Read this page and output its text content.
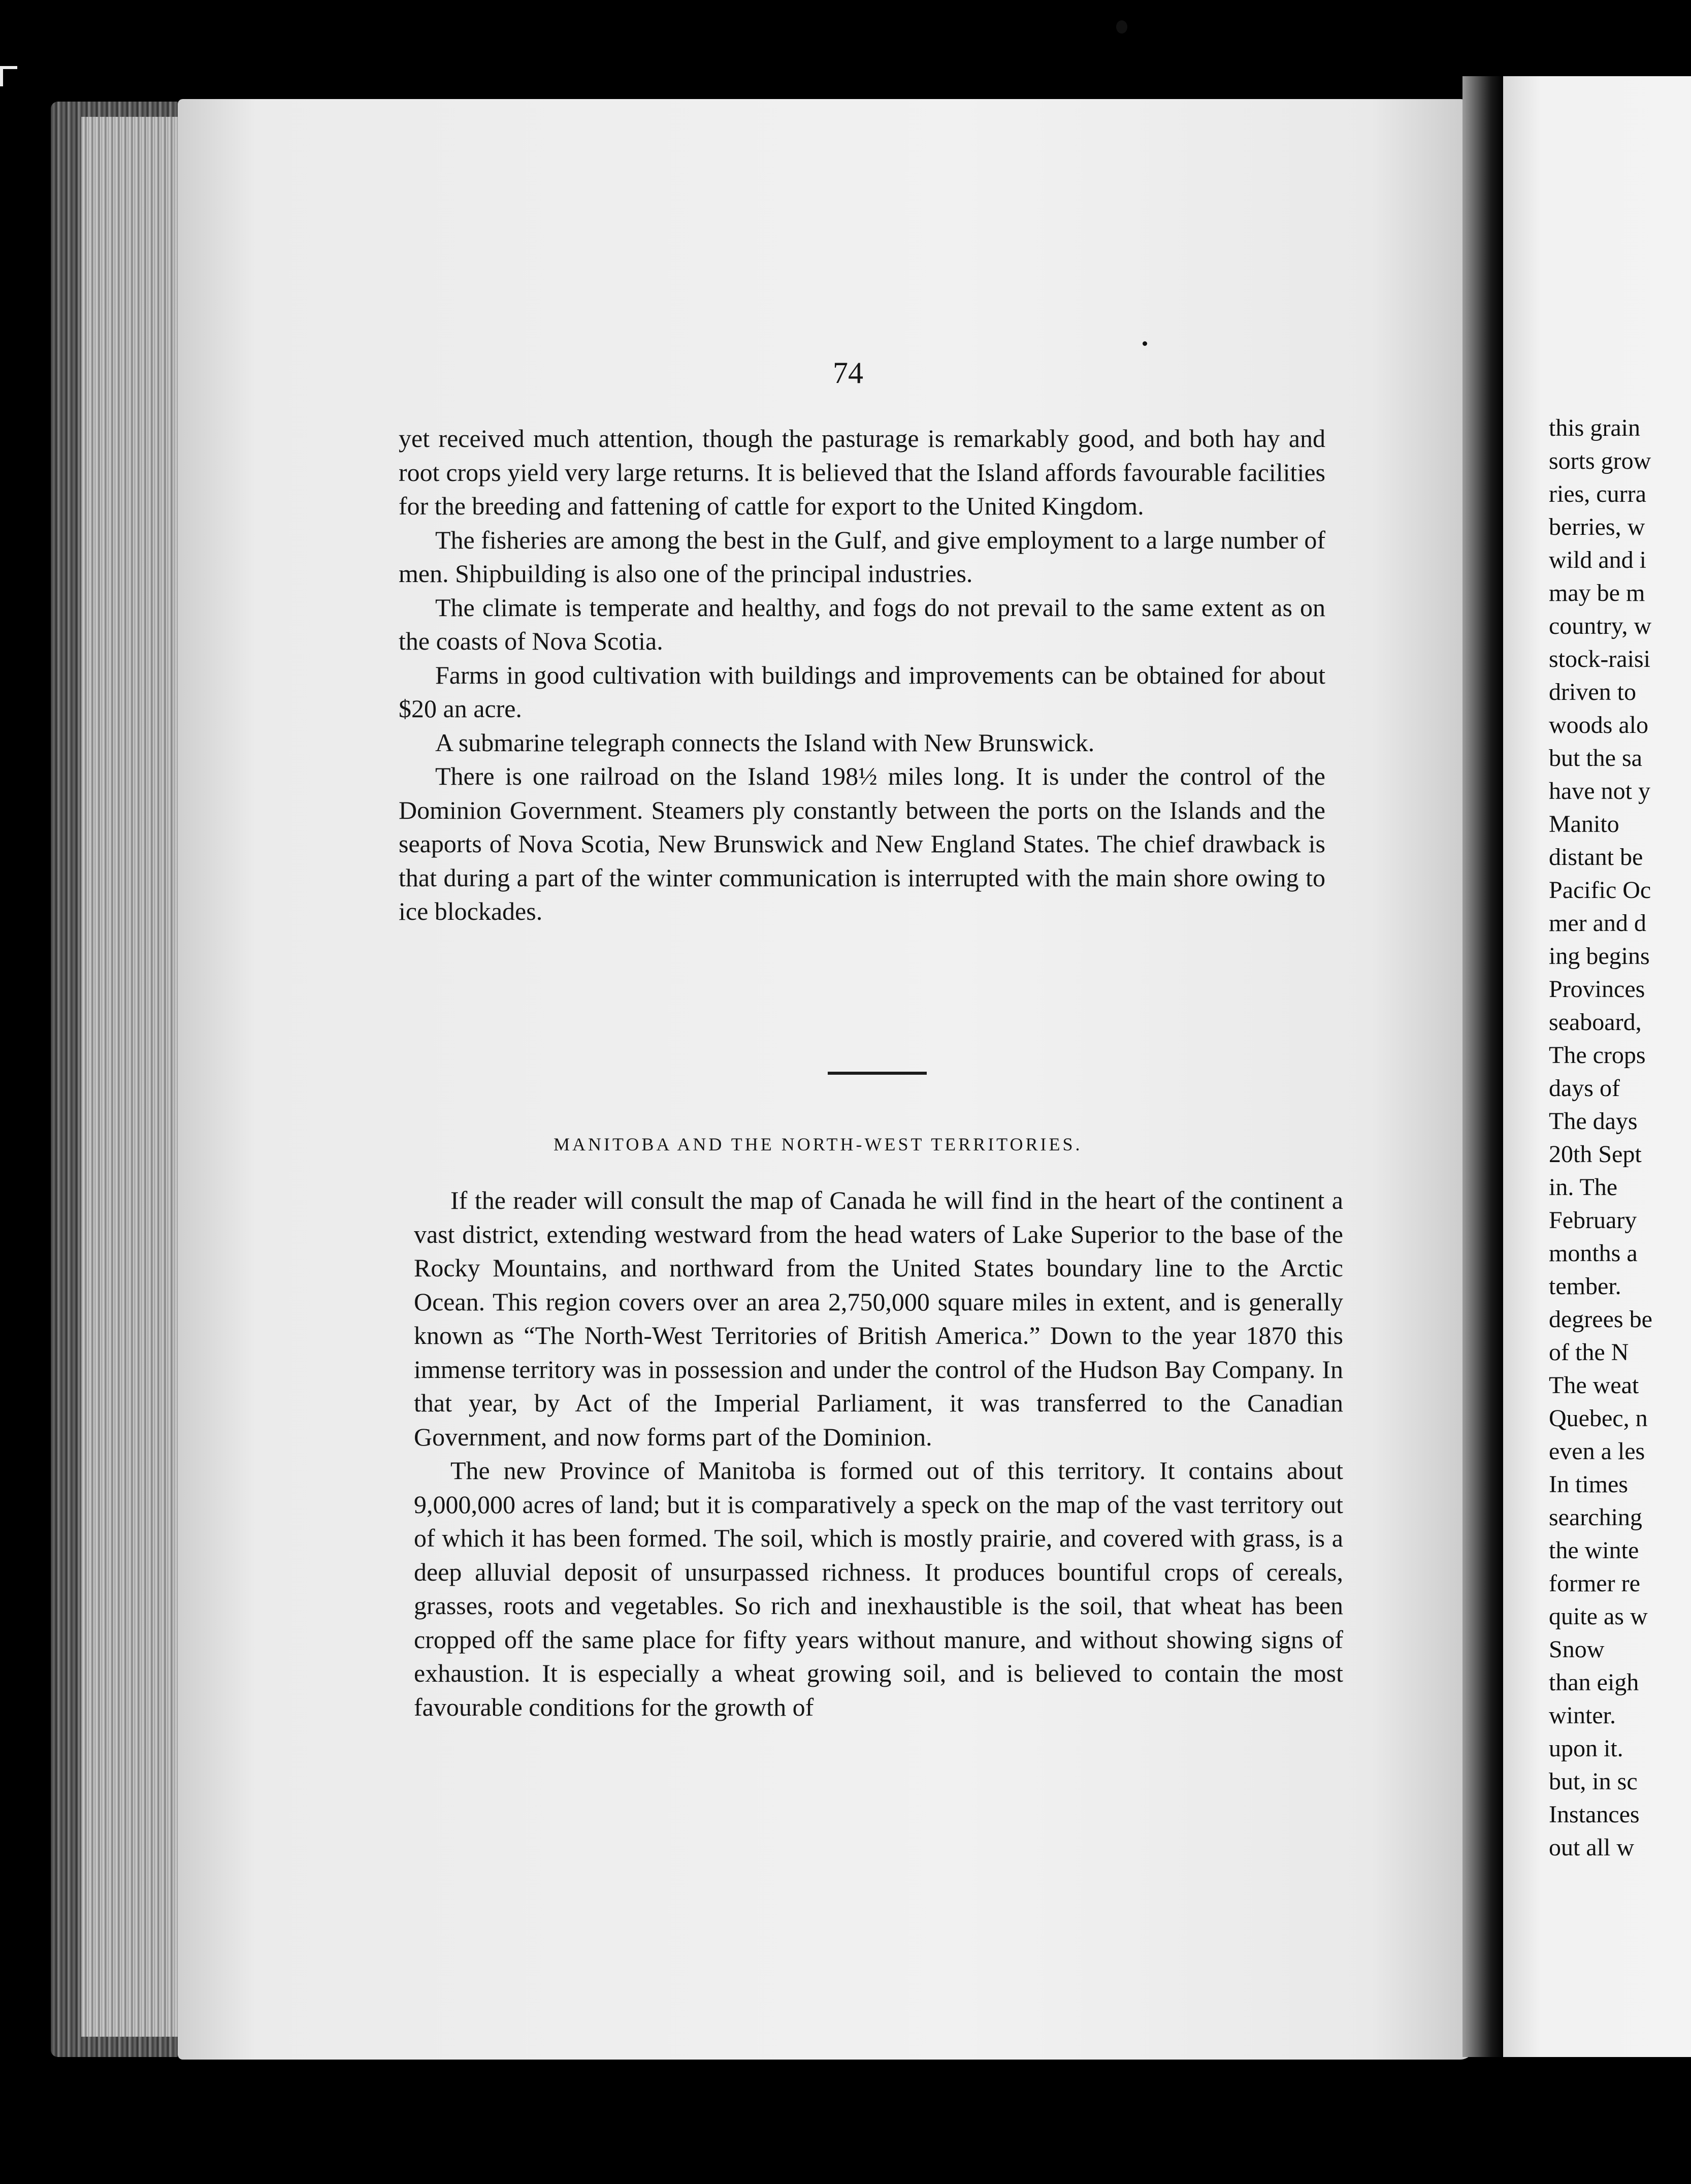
this grain
sorts grow
ries, curra
berries, w
wild and i
may be m
country, w
stock-raisi
driven to
woods alo
but the sa
have not y
Manito
distant be
Pacific Oc
mer and d
ing begins
Provinces
seaboard,
The crops
days of
The days
20th Sept
in. The
February
months a
tember.
degrees be
of the N
The weat
Quebec, n
even a les
In times
searching
the winte
former re
quite as w
Snow
than eigh
winter.
upon it.
but, in sc
Instances
out all w
74

yet received much attention, though the pasturage is remarkably good, and both hay and root crops yield very large returns. It is believed that the Island affords favourable facilities for the breeding and fattening of cattle for export to the United Kingdom.

The fisheries are among the best in the Gulf, and give employment to a large number of men. Shipbuilding is also one of the principal industries.

The climate is temperate and healthy, and fogs do not prevail to the same extent as on the coasts of Nova Scotia.

Farms in good cultivation with buildings and improvements can be obtained for about $20 an acre.

A submarine telegraph connects the Island with New Brunswick.

There is one railroad on the Island 198½ miles long. It is under the control of the Dominion Government. Steamers ply constantly between the ports on the Islands and the seaports of Nova Scotia, New Brunswick and New England States. The chief drawback is that during a part of the winter communication is interrupted with the main shore owing to ice blockades.

MANITOBA AND THE NORTH-WEST TERRITORIES.

If the reader will consult the map of Canada he will find in the heart of the continent a vast district, extending westward from the head waters of Lake Superior to the base of the Rocky Mountains, and northward from the United States boundary line to the Arctic Ocean. This region covers over an area 2,750,000 square miles in extent, and is generally known as “The North-West Territories of British America.” Down to the year 1870 this immense territory was in possession and under the control of the Hudson Bay Company. In that year, by Act of the Imperial Parliament, it was transferred to the Canadian Government, and now forms part of the Dominion.

The new Province of Manitoba is formed out of this territory. It contains about 9,000,000 acres of land; but it is comparatively a speck on the map of the vast territory out of which it has been formed. The soil, which is mostly prairie, and covered with grass, is a deep alluvial deposit of unsurpassed richness. It produces bountiful crops of cereals, grasses, roots and vegetables. So rich and inexhaustible is the soil, that wheat has been cropped off the same place for fifty years without manure, and without showing signs of exhaustion. It is especially a wheat growing soil, and is believed to contain the most favourable conditions for the growth of
